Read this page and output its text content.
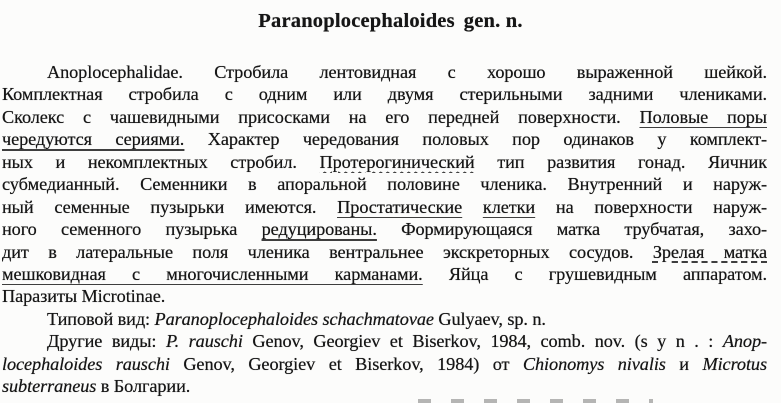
Paranoplocephaloides gen. n.
Anoplocephalidae. Стробила лентовидная с хорошо выраженной шейкой.
Комплектная стробила с одним или двумя стерильными задними члениками.
Сколекс с чашевидными присосками на его передней поверхности. Половые поры
чередуются сериями. Характер чередования половых пор одинаков у комплект-
ных и некомплектных стробил. Протерогинический тип развития гонад. Яичник
субмедианный. Семенники в апоральной половине членика. Внутренний и наруж-
ный семенные пузырьки имеются. Простатические клетки на поверхности наруж-
ного семенного пузырька редуцированы. Формирующаяся матка трубчатая, захо-
дит в латеральные поля членика вентральнее экскреторных сосудов. Зрелая матка
мешковидная с многочисленными карманами. Яйца с грушевидным аппаратом.
Паразиты Microtinae.
Типовой вид: Paranoplocephaloides schachmatovae Gulyaev, sp. n.
Другие виды: P. rauschi Genov, Georgiev et Biserkov, 1984, comb. nov. (s y n . : Anop-
locephaloides rauschi Genov, Georgiev et Biserkov, 1984) от Chionomys nivalis и Microtus
subterraneus в Болгарии.
